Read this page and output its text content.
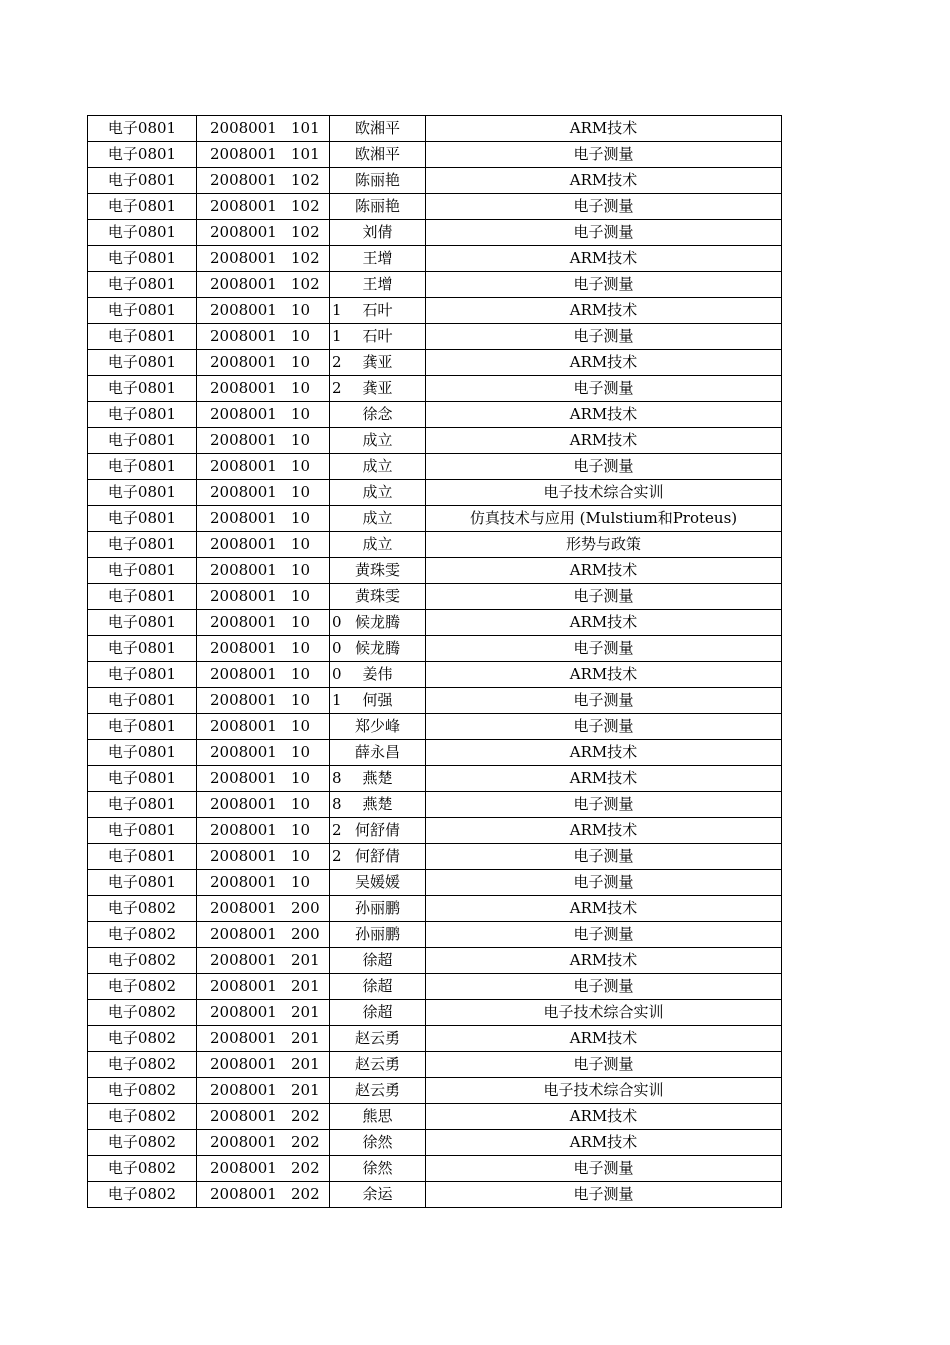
电子0801	2008001 101	欧湘平	ARM技术
电子0801	2008001 101	欧湘平	电子测量
电子0801	2008001 102	陈丽艳	ARM技术
电子0801	2008001 102	陈丽艳	电子测量
电子0801	2008001 102	刘倩	电子测量
电子0801	2008001 102	王增	ARM技术
电子0801	2008001 102	王增	电子测量
电子0801	2008001 10 1	石叶	ARM技术
电子0801	2008001 10 1	石叶	电子测量
电子0801	2008001 10 2	龚亚	ARM技术
电子0801	2008001 10 2	龚亚	电子测量
电子0801	2008001 10	徐念	ARM技术
电子0801	2008001 10	成立	ARM技术
电子0801	2008001 10	成立	电子测量
电子0801	2008001 10	成立	电子技术综合实训
电子0801	2008001 10	成立	仿真技术与应用 (Mulstium和Proteus)
电子0801	2008001 10	成立	形势与政策
电子0801	2008001 10	黄珠雯	ARM技术
电子0801	2008001 10	黄珠雯	电子测量
电子0801	2008001 10 0	候龙腾	ARM技术
电子0801	2008001 10 0	候龙腾	电子测量
电子0801	2008001 10 0	姜伟	ARM技术
电子0801	2008001 10 1	何强	电子测量
电子0801	2008001 10	郑少峰	电子测量
电子0801	2008001 10	薛永昌	ARM技术
电子0801	2008001 10 8	燕楚	ARM技术
电子0801	2008001 10 8	燕楚	电子测量
电子0801	2008001 10 2	何舒倩	ARM技术
电子0801	2008001 10 2	何舒倩	电子测量
电子0801	2008001 10	吴媛媛	电子测量
电子0802	2008001 200	孙丽鹏	ARM技术
电子0802	2008001 200	孙丽鹏	电子测量
电子0802	2008001 201	徐超	ARM技术
电子0802	2008001 201	徐超	电子测量
电子0802	2008001 201	徐超	电子技术综合实训
电子0802	2008001 201	赵云勇	ARM技术
电子0802	2008001 201	赵云勇	电子测量
电子0802	2008001 201	赵云勇	电子技术综合实训
电子0802	2008001 202	熊思	ARM技术
电子0802	2008001 202	徐然	ARM技术
电子0802	2008001 202	徐然	电子测量
电子0802	2008001 202	余运	电子测量
